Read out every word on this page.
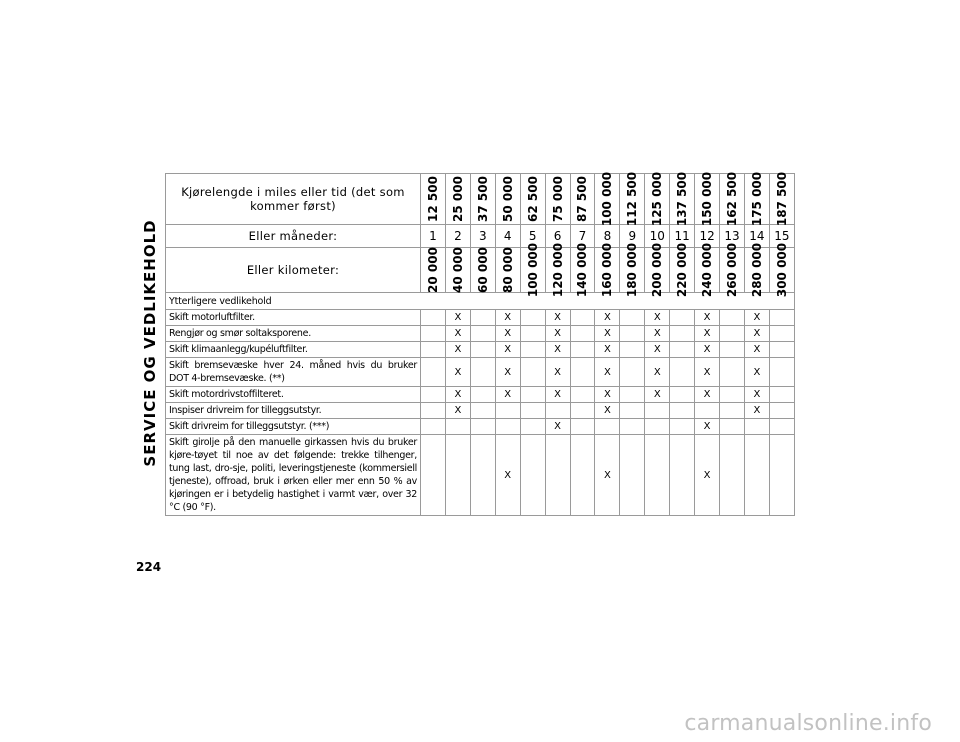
SERVICE OG VEDLIKEHOLD
Kjørelengde i miles eller tid (det som kommer først)	12 500	25 000	37 500	50 000	62 500	75 000	87 500	100 000	112 500	125 000	137 500	150 000	162 500	175 000	187 500

Eller måneder:	1	2	3	4	5	6	7	8	9	10	11	12	13	14	15
Eller kilometer:	20 000	40 000	60 000	80 000	100 000	120 000	140 000	160 000	180 000	200 000	220 000	240 000	260 000	280 000	300 000

Ytterligere vedlikehold															
Skift motorluftfilter.		X		X		X		X		X		X		X	
Rengjør og smør soltaksporene.		X		X		X		X		X		X		X	
Skift klimaanlegg/kupéluftfilter.		X		X		X		X		X		X		X	
Skift bremsevæske hver 24. måned hvis du bruker DOT 4-bremsevæske. (**)		X		X		X		X		X		X		X	
Skift motordrivstoffilteret.		X		X		X		X		X		X		X	
Inspiser drivreim for tilleggsutstyr.		X						X						X	
Skift drivreim for tilleggsutstyr. (***)						X						X			
Skift girolje på den manuelle girkassen hvis du bruker kjøre-tøyet til noe av det følgende: trekke tilhenger, tung last, dro-sje, politi, leveringstjeneste (kommersiell tjeneste), offroad, bruk i ørken eller mer enn 50 % av kjøringen er i betydelig hastighet i varmt vær, over 32 °C (90 °F).				X				X				X			
224
carmanualsonline.info
